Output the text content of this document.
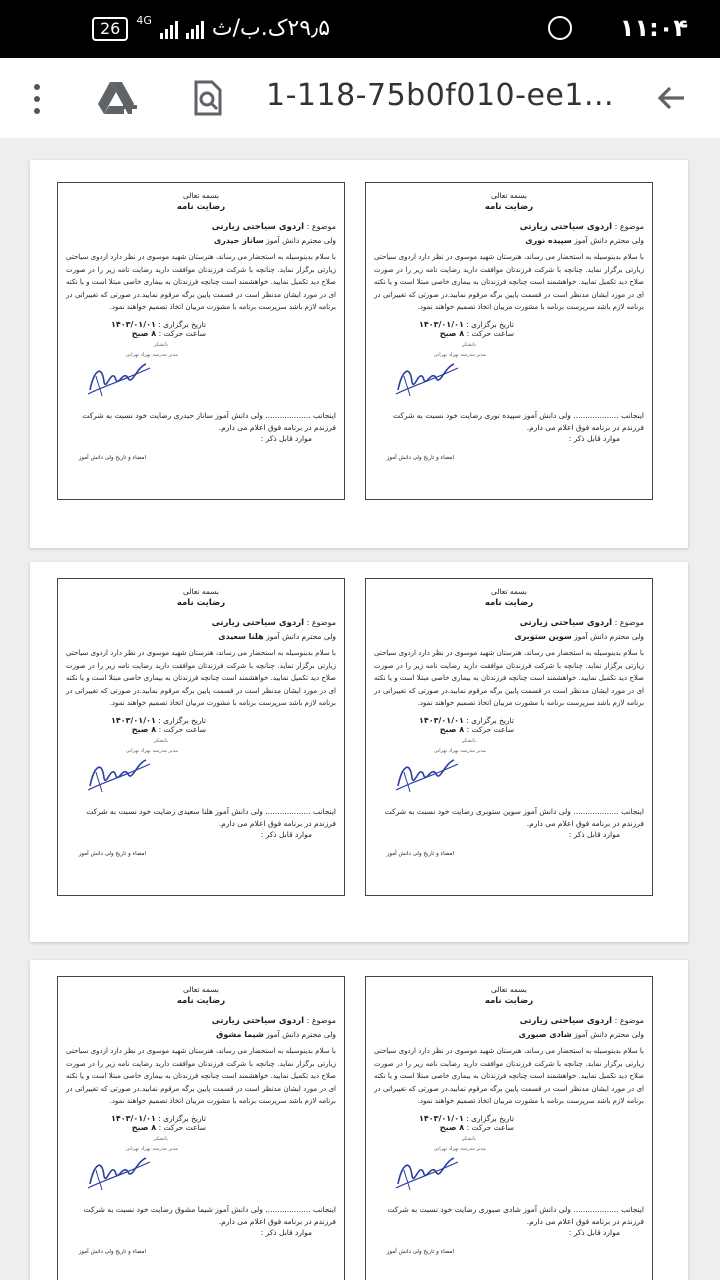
26	4G	۲۹٫۵ک.ب/ث	۱۱:۰۴
1-118-75b0f010-ee1...
بسمه تعالی
رضایت نامه
موضوع : اردوی سیاحتی زیارتی
ولی محترم دانش آموز سپیده نوری
با سلام بدینوسیله به استحضار می رساند، هنرستان شهید موسوی در نظر دارد اردوی سیاحتی زیارتی برگزار نماید. چنانچه با شرکت فرزندتان موافقت دارید رضایت نامه زیر را در صورت صلاح دید تکمیل نمایید. خواهشمند است چنانچه فرزندتان به بیماری خاصی مبتلا است و یا نکته ای در مورد ایشان مدنظر است در قسمت پایین برگه مرقوم نمایید.در صورتی که تغییراتی در برنامه لازم باشد سرپرست برنامه با مشورت مربیان اتخاذ تصمیم خواهند نمود.
تاریخ برگزاری : ۱۴۰۳/۰۱/۰۱
ساعت حرکت : ۸ صبح
باتشکر
مدیر مدرسه بهزاد تهرانی
اینجانب ................... ولی دانش آموز سپیده نوری رضایت خود نسبت به شرکت فرزندم در برنامه فوق اعلام می دارم.
موارد قابل ذکر :
امضاء و تاریخ ولی دانش آموز
بسمه تعالی
رضایت نامه
موضوع : اردوی سیاحتی زیارتی
ولی محترم دانش آموز ساناز حیدری
با سلام بدینوسیله به استحضار می رساند، هنرستان شهید موسوی در نظر دارد اردوی سیاحتی زیارتی برگزار نماید. چنانچه با شرکت فرزندتان موافقت دارید رضایت نامه زیر را در صورت صلاح دید تکمیل نمایید. خواهشمند است چنانچه فرزندتان به بیماری خاصی مبتلا است و یا نکته ای در مورد ایشان مدنظر است در قسمت پایین برگه مرقوم نمایید.در صورتی که تغییراتی در برنامه لازم باشد سرپرست برنامه با مشورت مربیان اتخاذ تصمیم خواهند نمود.
تاریخ برگزاری : ۱۴۰۳/۰۱/۰۱
ساعت حرکت : ۸ صبح
باتشکر
مدیر مدرسه بهزاد تهرانی
اینجانب ................... ولی دانش آموز ساناز حیدری رضایت خود نسبت به شرکت فرزندم در برنامه فوق اعلام می دارم.
موارد قابل ذکر :
امضاء و تاریخ ولی دانش آموز
بسمه تعالی
رضایت نامه
موضوع : اردوی سیاحتی زیارتی
ولی محترم دانش آموز سوین ستوبری
با سلام بدینوسیله به استحضار می رساند، هنرستان شهید موسوی در نظر دارد اردوی سیاحتی زیارتی برگزار نماید. چنانچه با شرکت فرزندتان موافقت دارید رضایت نامه زیر را در صورت صلاح دید تکمیل نمایید. خواهشمند است چنانچه فرزندتان به بیماری خاصی مبتلا است و یا نکته ای در مورد ایشان مدنظر است در قسمت پایین برگه مرقوم نمایید.در صورتی که تغییراتی در برنامه لازم باشد سرپرست برنامه با مشورت مربیان اتخاذ تصمیم خواهند نمود.
تاریخ برگزاری : ۱۴۰۳/۰۱/۰۱
ساعت حرکت : ۸ صبح
باتشکر
مدیر مدرسه بهزاد تهرانی
اینجانب ................... ولی دانش آموز سوین ستوبری رضایت خود نسبت به شرکت فرزندم در برنامه فوق اعلام می دارم.
موارد قابل ذکر :
امضاء و تاریخ ولی دانش آموز
بسمه تعالی
رضایت نامه
موضوع : اردوی سیاحتی زیارتی
ولی محترم دانش آموز هلنا سعیدی
با سلام بدینوسیله به استحضار می رساند، هنرستان شهید موسوی در نظر دارد اردوی سیاحتی زیارتی برگزار نماید. چنانچه با شرکت فرزندتان موافقت دارید رضایت نامه زیر را در صورت صلاح دید تکمیل نمایید. خواهشمند است چنانچه فرزندتان به بیماری خاصی مبتلا است و یا نکته ای در مورد ایشان مدنظر است در قسمت پایین برگه مرقوم نمایید.در صورتی که تغییراتی در برنامه لازم باشد سرپرست برنامه با مشورت مربیان اتخاذ تصمیم خواهند نمود.
تاریخ برگزاری : ۱۴۰۳/۰۱/۰۱
ساعت حرکت : ۸ صبح
باتشکر
مدیر مدرسه بهزاد تهرانی
اینجانب ................... ولی دانش آموز هلنا سعیدی رضایت خود نسبت به شرکت فرزندم در برنامه فوق اعلام می دارم.
موارد قابل ذکر :
امضاء و تاریخ ولی دانش آموز
بسمه تعالی
رضایت نامه
موضوع : اردوی سیاحتی زیارتی
ولی محترم دانش آموز شادی صبوری
با سلام بدینوسیله به استحضار می رساند، هنرستان شهید موسوی در نظر دارد اردوی سیاحتی زیارتی برگزار نماید. چنانچه با شرکت فرزندتان موافقت دارید رضایت نامه زیر را در صورت صلاح دید تکمیل نمایید. خواهشمند است چنانچه فرزندتان به بیماری خاصی مبتلا است و یا نکته ای در مورد ایشان مدنظر است در قسمت پایین برگه مرقوم نمایید.در صورتی که تغییراتی در برنامه لازم باشد سرپرست برنامه با مشورت مربیان اتخاذ تصمیم خواهند نمود.
تاریخ برگزاری : ۱۴۰۳/۰۱/۰۱
ساعت حرکت : ۸ صبح
باتشکر
مدیر مدرسه بهزاد تهرانی
اینجانب ................... ولی دانش آموز شادی صبوری رضایت خود نسبت به شرکت فرزندم در برنامه فوق اعلام می دارم.
موارد قابل ذکر :
امضاء و تاریخ ولی دانش آموز
بسمه تعالی
رضایت نامه
موضوع : اردوی سیاحتی زیارتی
ولی محترم دانش آموز شیما مشوق
با سلام بدینوسیله به استحضار می رساند، هنرستان شهید موسوی در نظر دارد اردوی سیاحتی زیارتی برگزار نماید. چنانچه با شرکت فرزندتان موافقت دارید رضایت نامه زیر را در صورت صلاح دید تکمیل نمایید. خواهشمند است چنانچه فرزندتان به بیماری خاصی مبتلا است و یا نکته ای در مورد ایشان مدنظر است در قسمت پایین برگه مرقوم نمایید.در صورتی که تغییراتی در برنامه لازم باشد سرپرست برنامه با مشورت مربیان اتخاذ تصمیم خواهند نمود.
تاریخ برگزاری : ۱۴۰۳/۰۱/۰۱
ساعت حرکت : ۸ صبح
باتشکر
مدیر مدرسه بهزاد تهرانی
اینجانب ................... ولی دانش آموز شیما مشوق رضایت خود نسبت به شرکت فرزندم در برنامه فوق اعلام می دارم.
موارد قابل ذکر :
امضاء و تاریخ ولی دانش آموز
